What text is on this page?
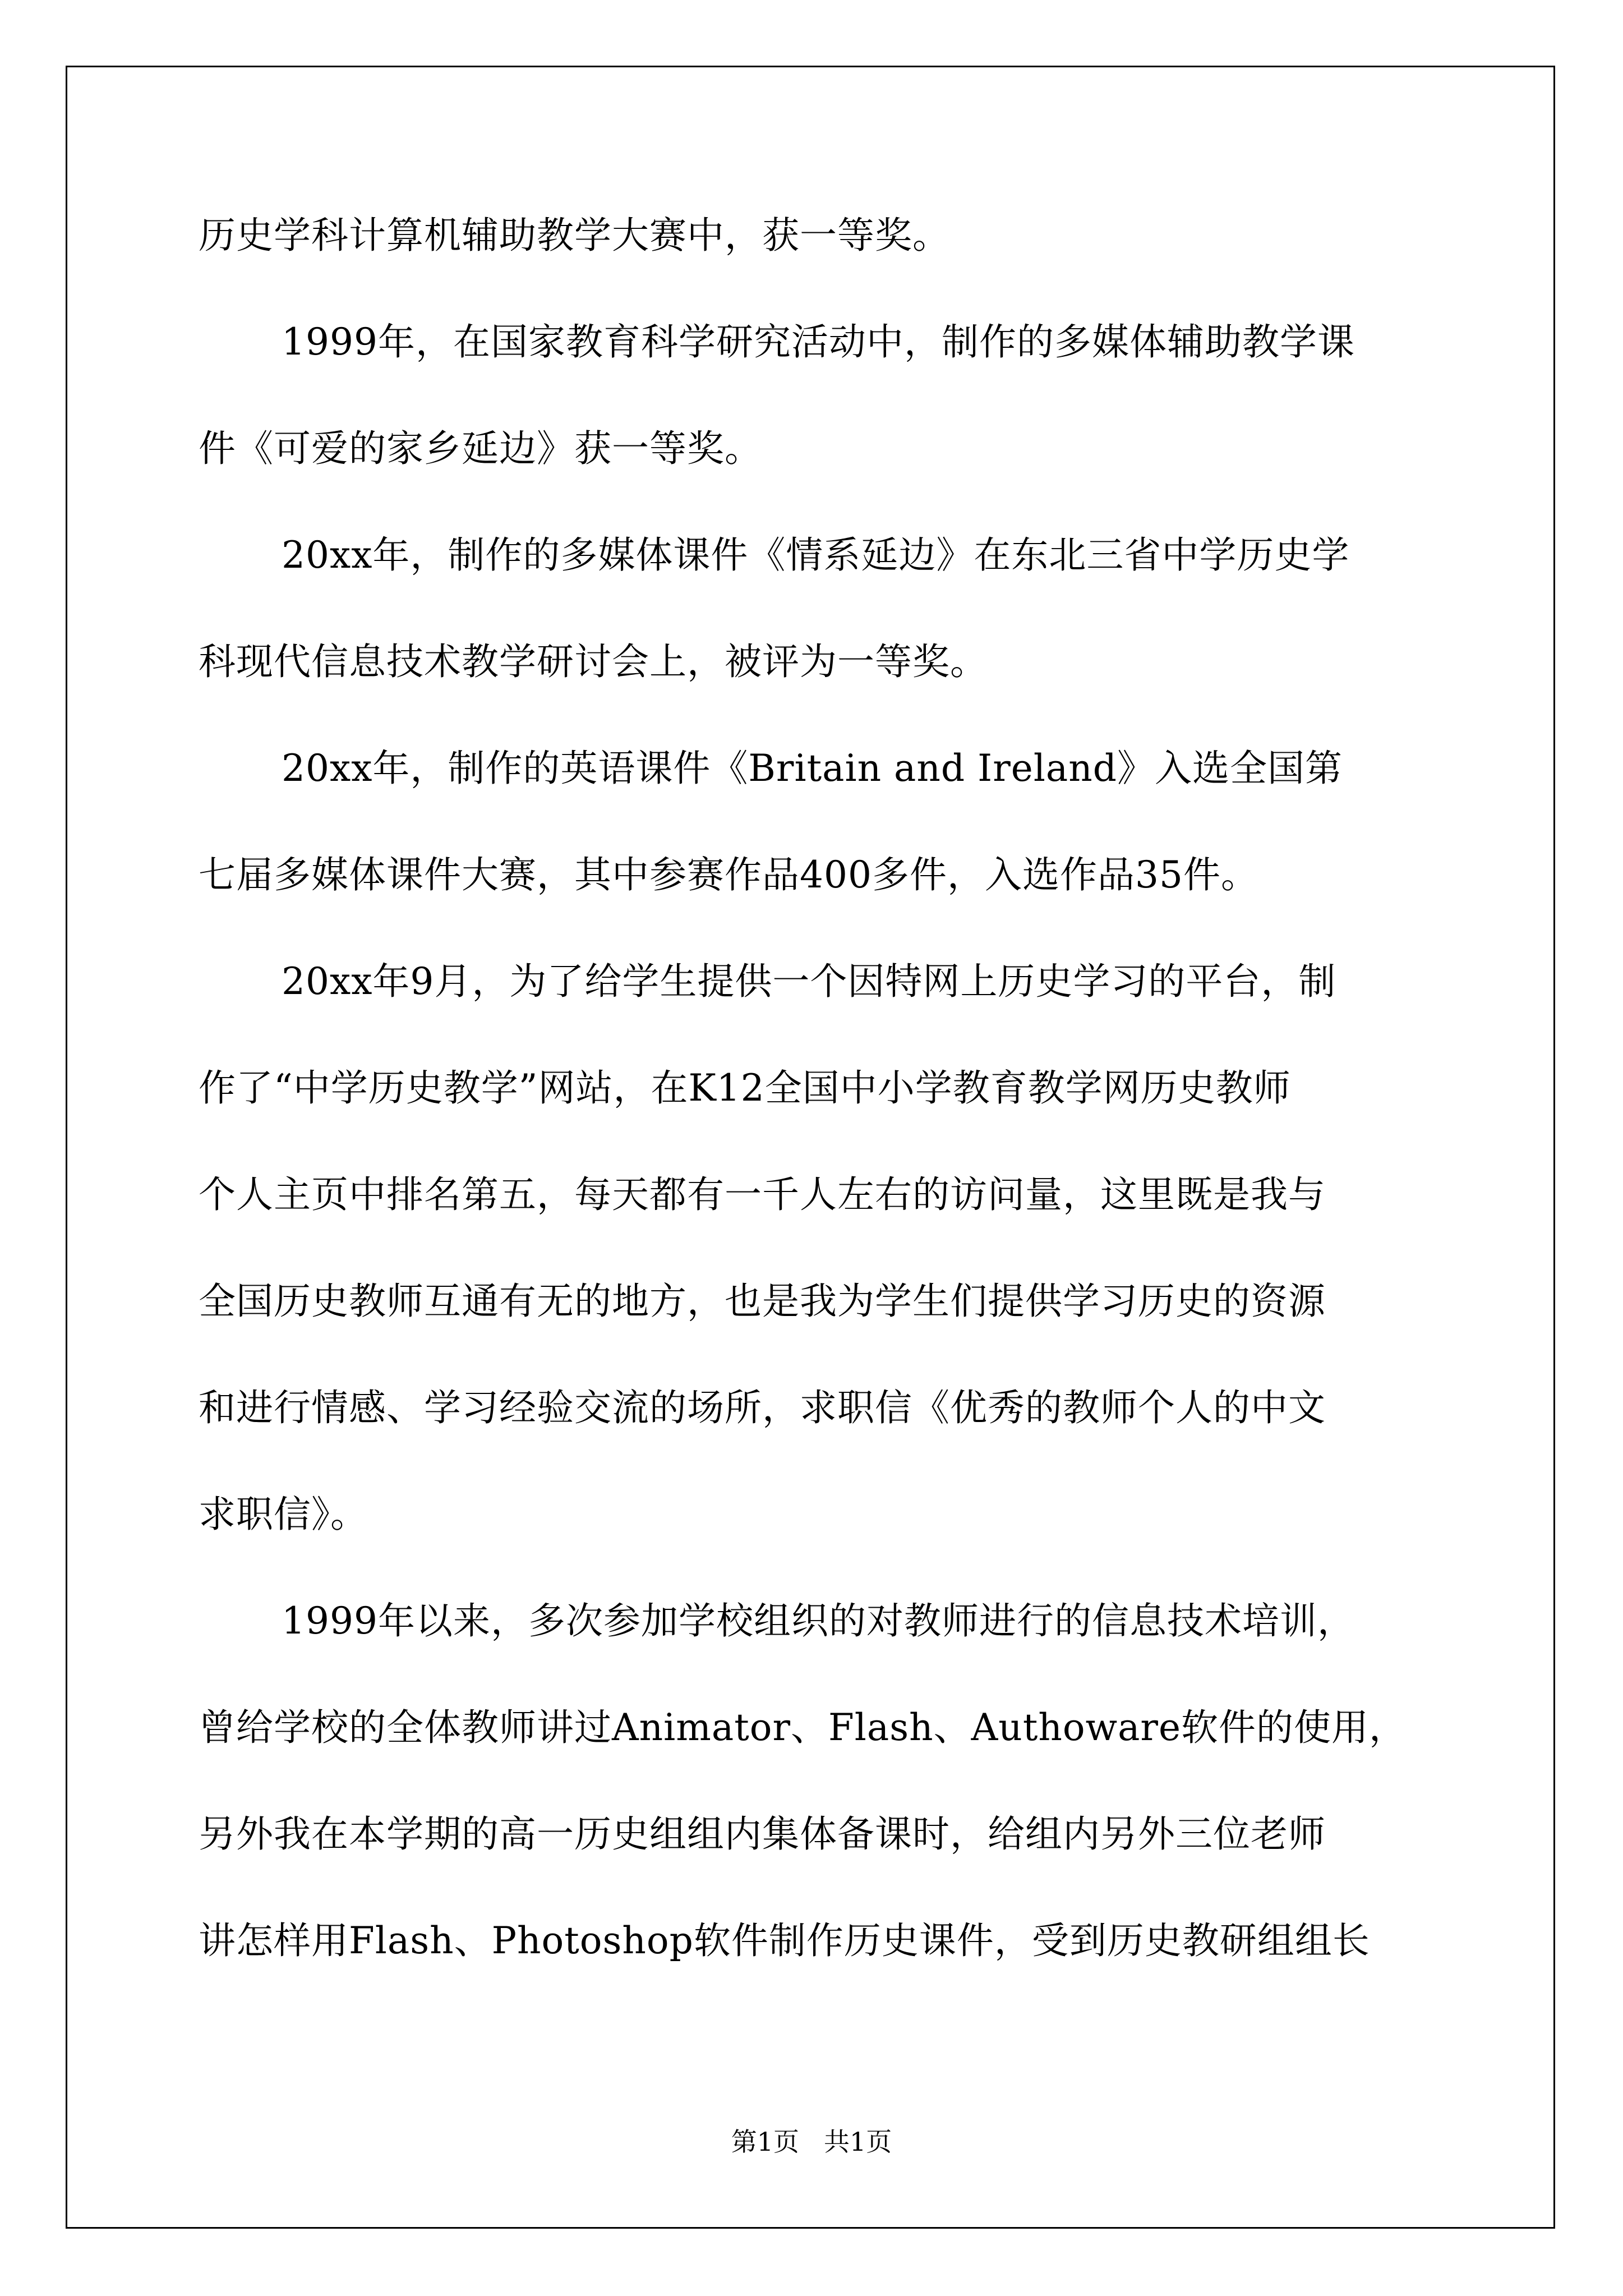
历史学科计算机辅助教学大赛中，获一等奖。
1999年，在国家教育科学研究活动中，制作的多媒体辅助教学课
件《可爱的家乡延边》获一等奖。
20xx年，制作的多媒体课件《情系延边》在东北三省中学历史学
科现代信息技术教学研讨会上，被评为一等奖。
20xx年，制作的英语课件《Britain and Ireland》入选全国第
七届多媒体课件大赛，其中参赛作品400多件，入选作品35件。
20xx年9月，为了给学生提供一个因特网上历史学习的平台，制
作了“中学历史教学”网站，在K12全国中小学教育教学网历史教师
个人主页中排名第五，每天都有一千人左右的访问量，这里既是我与
全国历史教师互通有无的地方，也是我为学生们提供学习历史的资源
和进行情感、学习经验交流的场所，求职信《优秀的教师个人的中文
求职信》。
1999年以来，多次参加学校组织的对教师进行的信息技术培训，
曾给学校的全体教师讲过Animator、Flash、Authoware软件的使用，
另外我在本学期的高一历史组组内集体备课时，给组内另外三位老师
讲怎样用Flash、Photoshop软件制作历史课件，受到历史教研组组长
第1页 共1页
